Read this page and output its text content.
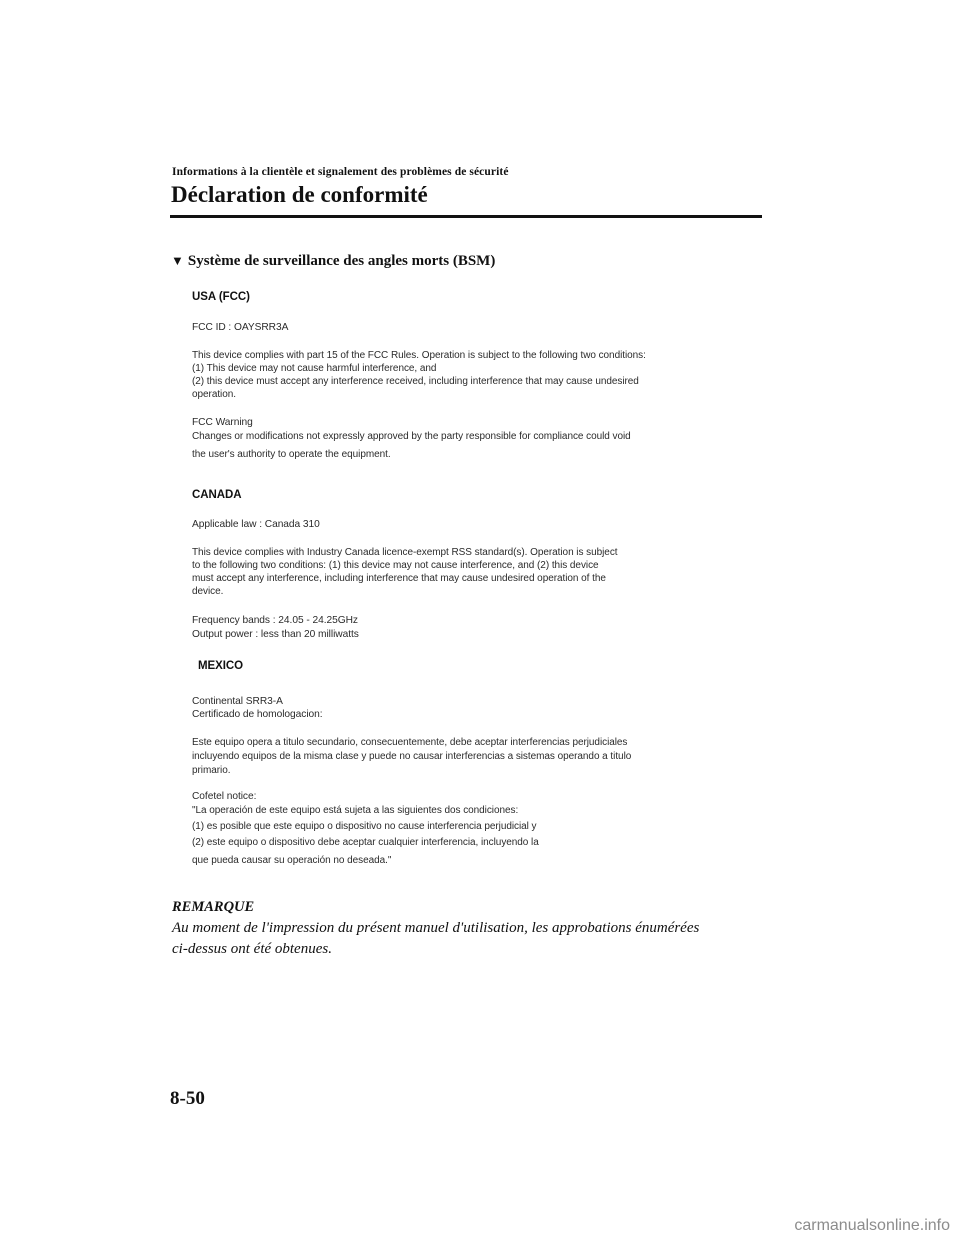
Informations à la clientèle et signalement des problèmes de sécurité
Déclaration de conformité
▼ Système de surveillance des angles morts (BSM)
USA (FCC)
FCC ID : OAYSRR3A
This device complies with part 15 of the FCC Rules. Operation is subject to the following two conditions:
(1) This device may not cause harmful interference, and
(2) this device must accept any interference received, including interference that may cause undesired
operation.
FCC Warning
Changes or modifications not expressly approved by the party responsible for compliance could void
the user's authority to operate the equipment.
CANADA
Applicable law : Canada 310
This device complies with Industry Canada licence-exempt RSS standard(s). Operation is subject
to the following two conditions: (1) this device may not cause interference, and (2) this device
must accept any interference, including interference that may cause undesired operation of the
device.
Frequency bands : 24.05 - 24.25GHz
Output power : less than 20 milliwatts
MEXICO
Continental SRR3-A
Certificado de homologacion:
Este equipo opera a titulo secundario, consecuentemente, debe aceptar interferencias perjudiciales
incluyendo equipos de la misma clase y puede no causar interferencias a sistemas operando a titulo
primario.
Cofetel notice:
"La operación de este equipo está sujeta a las siguientes dos condiciones:
(1) es posible que este equipo o dispositivo no cause interferencia perjudicial y
(2) este equipo o dispositivo debe aceptar cualquier interferencia, incluyendo la
que pueda causar su operación no deseada."
REMARQUE
Au moment de l'impression du présent manuel d'utilisation, les approbations énumérées
ci-dessus ont été obtenues.
8-50
carmanualsonline.info
